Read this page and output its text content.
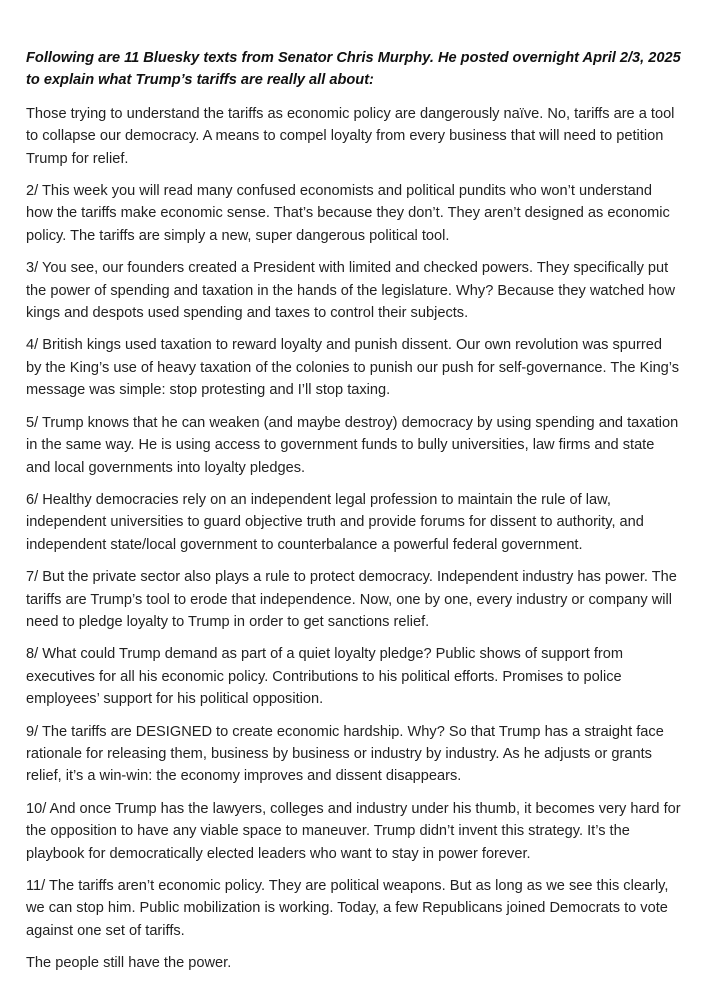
Following are 11 Bluesky texts from Senator Chris Murphy. He posted overnight April 2/3, 2025 to explain what Trump’s tariffs are really all about:

Those trying to understand the tariffs as economic policy are dangerously naïve. No, tariffs are a tool to collapse our democracy. A means to compel loyalty from every business that will need to petition Trump for relief.

2/ This week you will read many confused economists and political pundits who won’t understand how the tariffs make economic sense. That’s because they don’t. They aren’t designed as economic policy. The tariffs are simply a new, super dangerous political tool.

3/ You see, our founders created a President with limited and checked powers. They specifically put the power of spending and taxation in the hands of the legislature. Why? Because they watched how kings and despots used spending and taxes to control their subjects.

4/ British kings used taxation to reward loyalty and punish dissent. Our own revolution was spurred by the King’s use of heavy taxation of the colonies to punish our push for self-governance. The King’s message was simple: stop protesting and I’ll stop taxing.

5/ Trump knows that he can weaken (and maybe destroy) democracy by using spending and taxation in the same way. He is using access to government funds to bully universities, law firms and state and local governments into loyalty pledges.

6/ Healthy democracies rely on an independent legal profession to maintain the rule of law, independent universities to guard objective truth and provide forums for dissent to authority, and independent state/local government to counterbalance a powerful federal government.

7/ But the private sector also plays a rule to protect democracy. Independent industry has power. The tariffs are Trump’s tool to erode that independence. Now, one by one, every industry or company will need to pledge loyalty to Trump in order to get sanctions relief.

8/ What could Trump demand as part of a quiet loyalty pledge? Public shows of support from executives for all his economic policy. Contributions to his political efforts. Promises to police employees’ support for his political opposition.

9/ The tariffs are DESIGNED to create economic hardship. Why? So that Trump has a straight face rationale for releasing them, business by business or industry by industry. As he adjusts or grants relief, it’s a win-win: the economy improves and dissent disappears.

10/ And once Trump has the lawyers, colleges and industry under his thumb, it becomes very hard for the opposition to have any viable space to maneuver. Trump didn’t invent this strategy. It’s the playbook for democratically elected leaders who want to stay in power forever.

11/ The tariffs aren’t economic policy. They are political weapons. But as long as we see this clearly, we can stop him. Public mobilization is working. Today, a few Republicans joined Democrats to vote against one set of tariffs.

The people still have the power.
